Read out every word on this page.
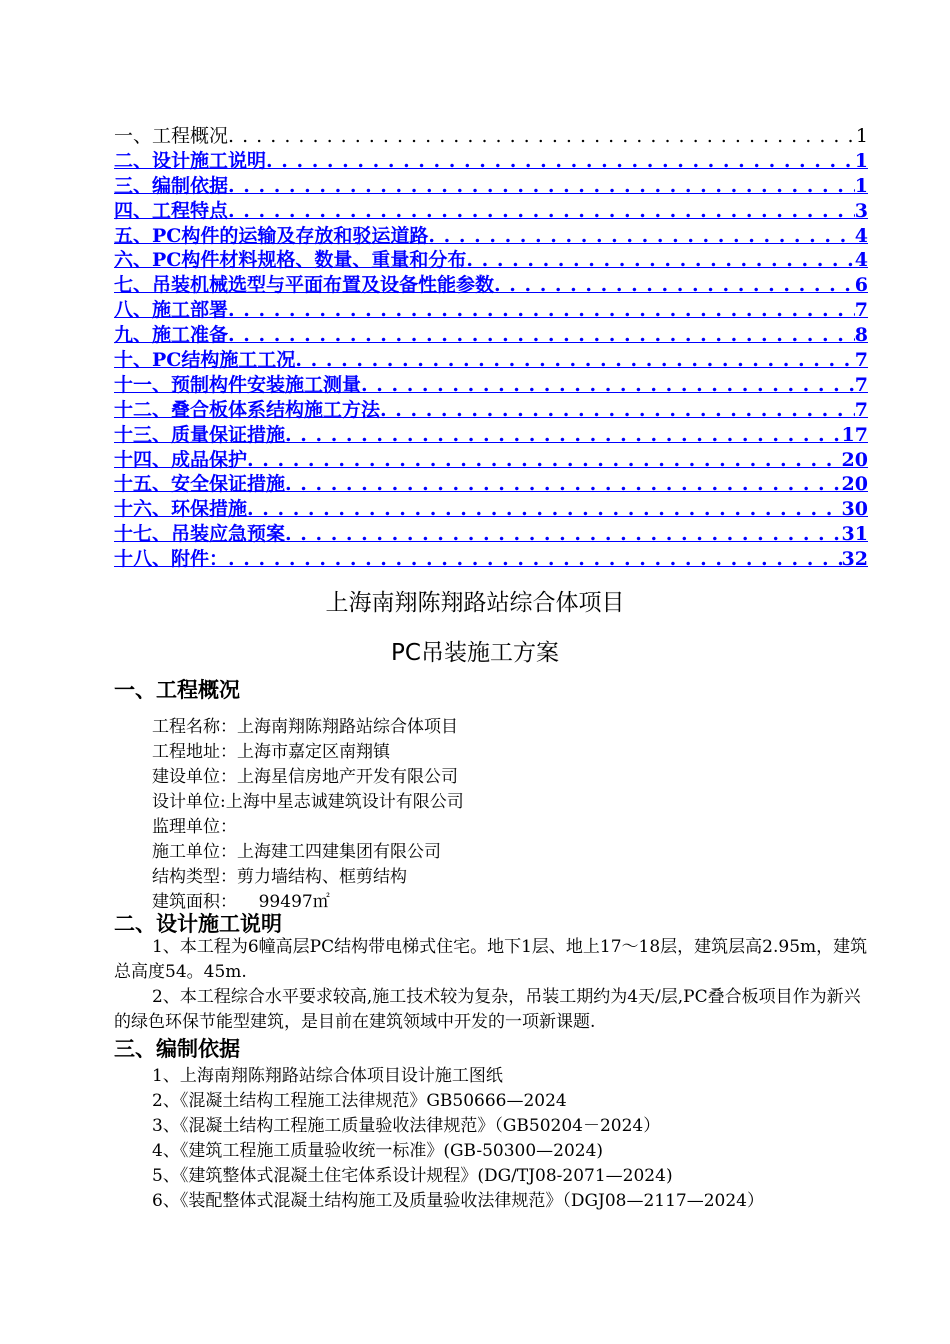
一、工程概况 . . .	1
二、设计施工说明 . . .	1
三、编制依据 . . .	1
四、工程特点 . . .	3
五、PC构件的运输及存放和驳运道路 . . .	4
六、PC构件材料规格、数量、重量和分布 . . .	4
七、吊装机械选型与平面布置及设备性能参数 . . .	6
八、施工部署 . . .	7
九、施工准备 . . .	8
十、PC结构施工工况 . . .	7
十一、预制构件安装施工测量 . . .	7
十二、叠合板体系结构施工方法 . . .	7
十三、质量保证措施 . . .	17
十四、成品保护 . . .	20
十五、安全保证措施 . . .	20
十六、环保措施 . . .	30
十七、吊装应急预案 . . .	31
十八、附件： . . .	32
上海南翔陈翔路站综合体项目
PC吊装施工方案
一、工程概况
工程名称：上海南翔陈翔路站综合体项目
工程地址：上海市嘉定区南翔镇
建设单位：上海星信房地产开发有限公司
设计单位:上海中星志诚建筑设计有限公司
监理单位：
施工单位：上海建工四建集团有限公司
结构类型：剪力墙结构、框剪结构
建筑面积：    99497㎡
二、设计施工说明
1、本工程为6幢高层PC结构带电梯式住宅。地下1层、地上17～18层，建筑层高2.95m，建筑总高度54。45m.
2、本工程综合水平要求较高,施工技术较为复杂，吊装工期约为4天/层,PC叠合板项目作为新兴的绿色环保节能型建筑，是目前在建筑领域中开发的一项新课题.
三、编制依据
1、上海南翔陈翔路站综合体项目设计施工图纸
2、《混凝土结构工程施工法律规范》GB50666—2024
3、《混凝土结构工程施工质量验收法律规范》（GB50204－2024）
4、《建筑工程施工质量验收统一标准》(GB-50300—2024)
5、《建筑整体式混凝土住宅体系设计规程》(DG/TJ08-2071—2024)
6、《装配整体式混凝土结构施工及质量验收法律规范》（DGJ08—2117—2024）
